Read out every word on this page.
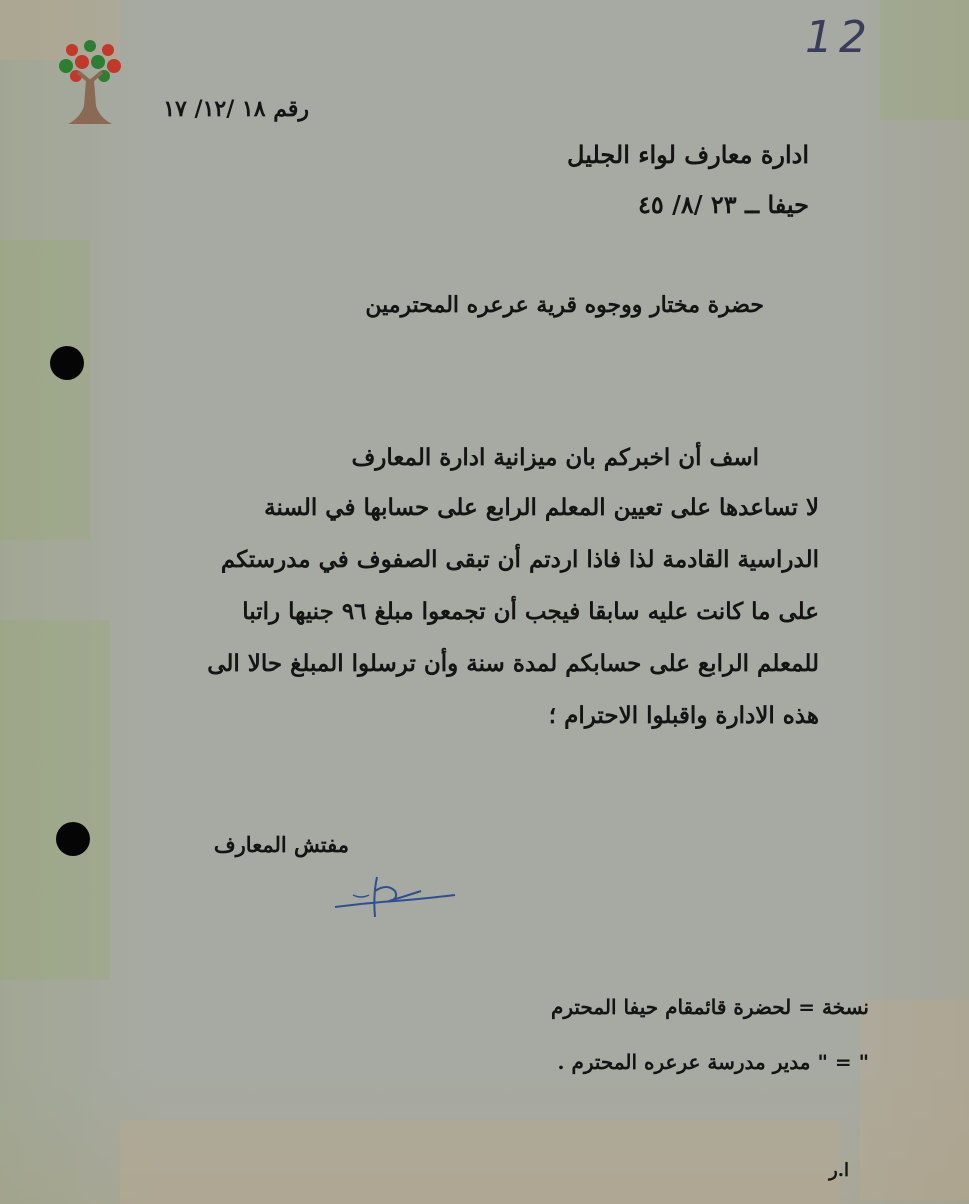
12
رقم ١٨ /١٢/ ١٧
ادارة معارف لواء الجليل
حيفا ــ ٢٣ /٨/ ٤٥
حضرة مختار ووجوه قرية عرعره المحترمين
اسف أن اخبركم بان ميزانية ادارة المعارف
لا تساعدها على تعيين المعلم الرابع على حسابها في السنة
الدراسية القادمة لذا فاذا اردتم أن تبقى الصفوف في مدرستكم
على ما كانت عليه سابقا فيجب أن تجمعوا مبلغ ٩٦ جنيها راتبا
للمعلم الرابع على حسابكم لمدة سنة وأن ترسلوا المبلغ حالا الى
هذه الادارة واقبلوا الاحترام ؛
مفتش المعارف
نسخة = لحضرة قائمقام حيفا المحترم
" = " مدير مدرسة عرعره المحترم .
ا.ر
